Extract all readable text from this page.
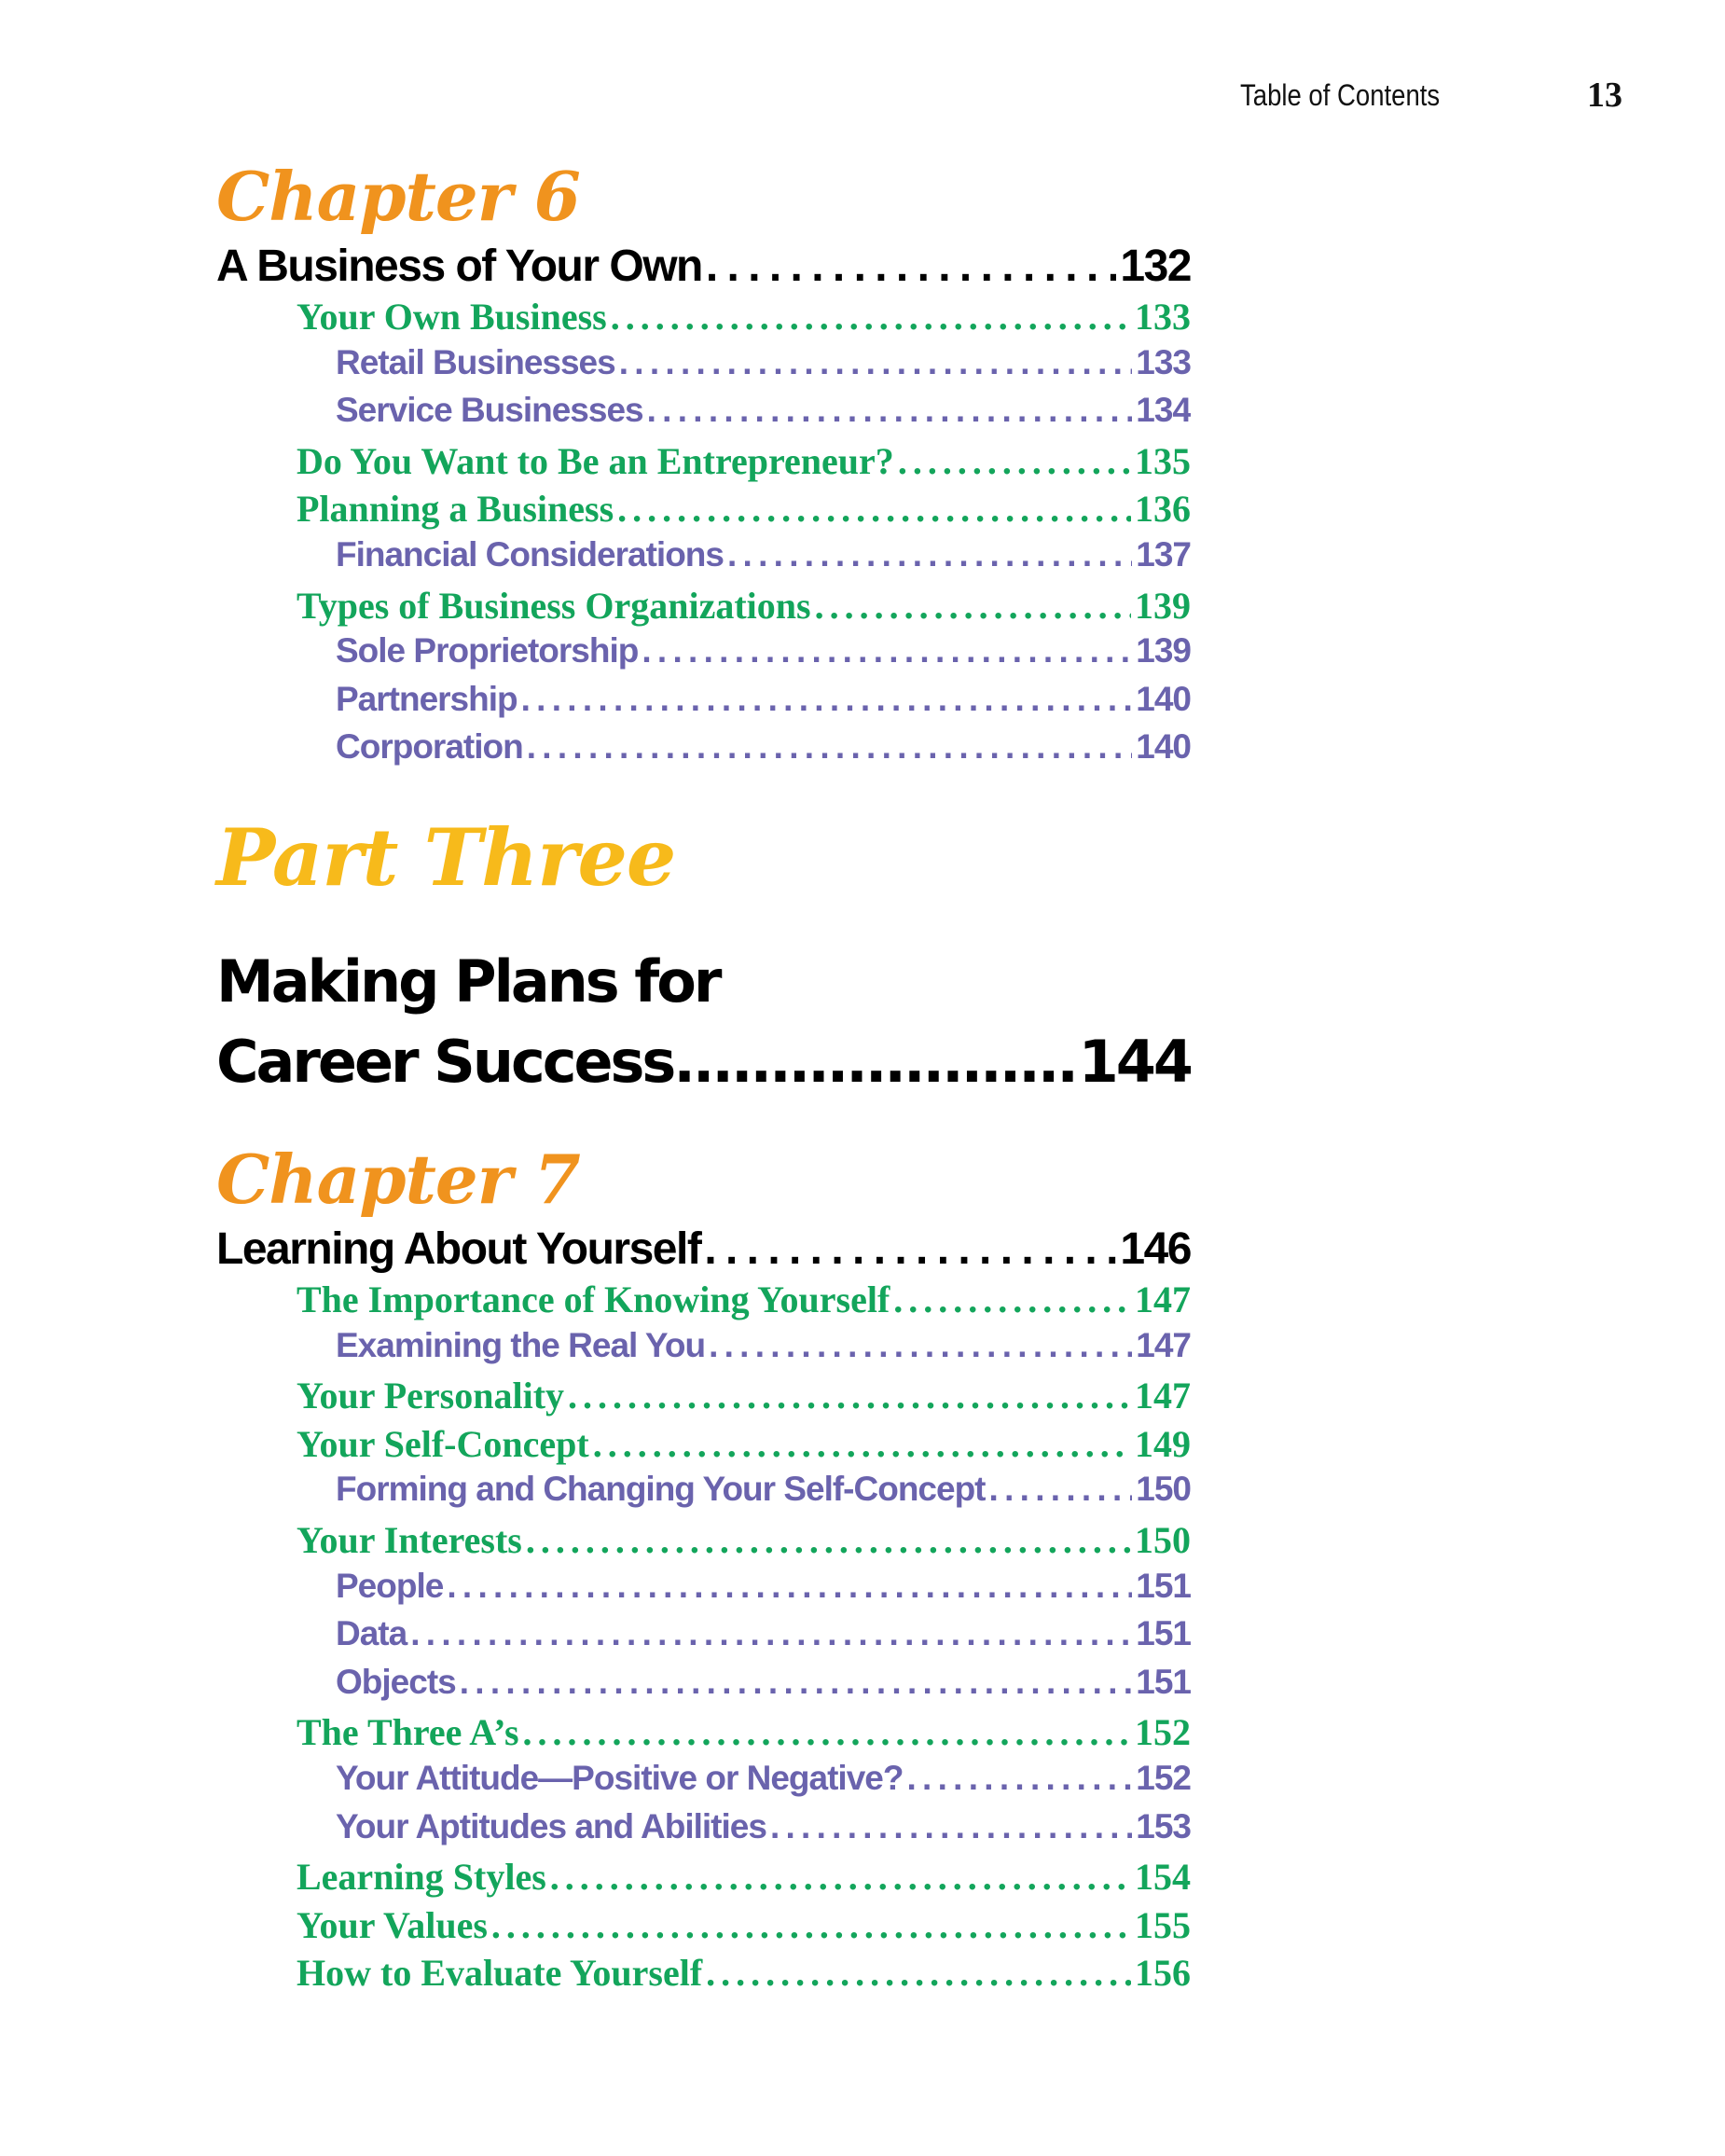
Table of Contents	13
Chapter 6
A Business of Your Own . . .	132
Your Own Business . . .	133
Retail Businesses . . .	133
Service Businesses . . .	134
Do You Want to Be an Entrepreneur? . . .	135
Planning a Business . . .	136
Financial Considerations . . .	137
Types of Business Organizations . . .	139
Sole Proprietorship . . .	139
Partnership . . .	140
Corporation . . .	140
Part Three
Making Plans for
Career Success .....	144
Chapter 7
Learning About Yourself . . .	146
The Importance of Knowing Yourself . . .	147
Examining the Real You . . .	147
Your Personality . . .	147
Your Self-Concept . . .	149
Forming and Changing Your Self-Concept . . .	150
Your Interests . . .	150
People . . .	151
Data . . .	151
Objects . . .	151
The Three A’s . . .	152
Your Attitude—Positive or Negative? . . .	152
Your Aptitudes and Abilities . . .	153
Learning Styles . . .	154
Your Values . . .	155
How to Evaluate Yourself . . .	156
